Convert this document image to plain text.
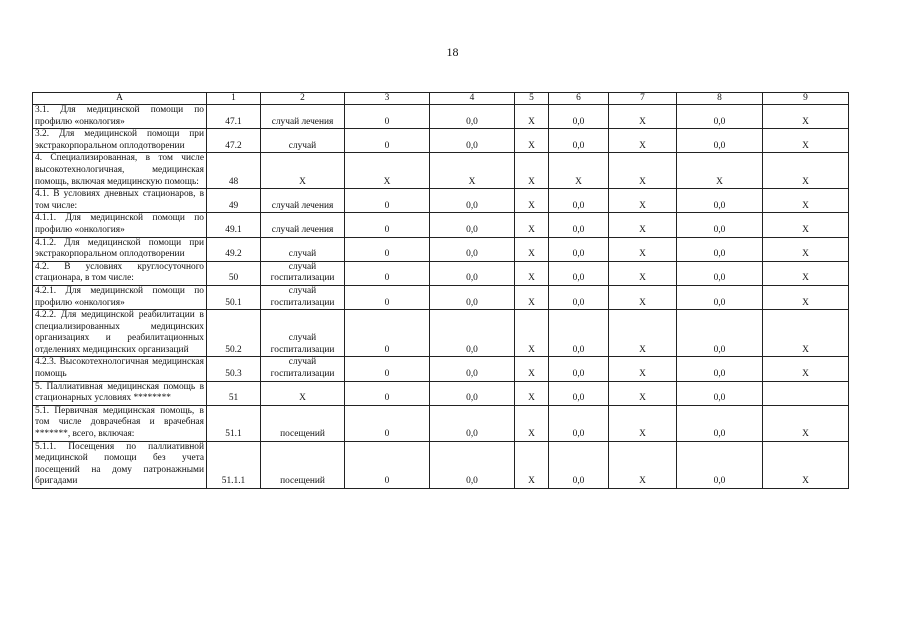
18
А	1	2	3	4	5	6	7	8	9
3.1. Для медицинской помощи по профилю «онкология»	47.1	случай лечения	0	0,0	X	0,0	X	0,0	X
3.2. Для медицинской помощи при экстракорпоральном оплодотворении	47.2	случай	0	0,0	X	0,0	X	0,0	X
4. Специализированная, в том числе высокотехнологичная, медицинская помощь, включая медицинскую помощь:	48	X	X	X	X	X	X	X	X
4.1. В условиях дневных стационаров, в том числе:	49	случай лечения	0	0,0	X	0,0	X	0,0	X
4.1.1. Для медицинской помощи по профилю «онкология»	49.1	случай лечения	0	0,0	X	0,0	X	0,0	X
4.1.2. Для медицинской помощи при экстракорпоральном оплодотворении	49.2	случай	0	0,0	X	0,0	X	0,0	X
4.2. В условиях круглосуточного стационара, в том числе:	50	случай госпитализации	0	0,0	X	0,0	X	0,0	X
4.2.1. Для медицинской помощи по профилю «онкология»	50.1	случай госпитализации	0	0,0	X	0,0	X	0,0	X
4.2.2. Для медицинской реабилитации в специализированных медицинских организациях и реабилитационных отделениях медицинских организаций	50.2	случай госпитализации	0	0,0	X	0,0	X	0,0	X
4.2.3. Высокотехнологичная медицинская помощь	50.3	случай госпитализации	0	0,0	X	0,0	X	0,0	X
5. Паллиативная медицинская помощь в стационарных условиях ********	51	X	0	0,0	X	0,0	X	0,0	
5.1. Первичная медицинская помощь, в том числе доврачебная и врачебная *******, всего, включая:	51.1	посещений	0	0,0	X	0,0	X	0,0	X
5.1.1. Посещения по паллиативной медицинской помощи без учета посещений на дому патронажными бригадами	51.1.1	посещений	0	0,0	X	0,0	X	0,0	X
